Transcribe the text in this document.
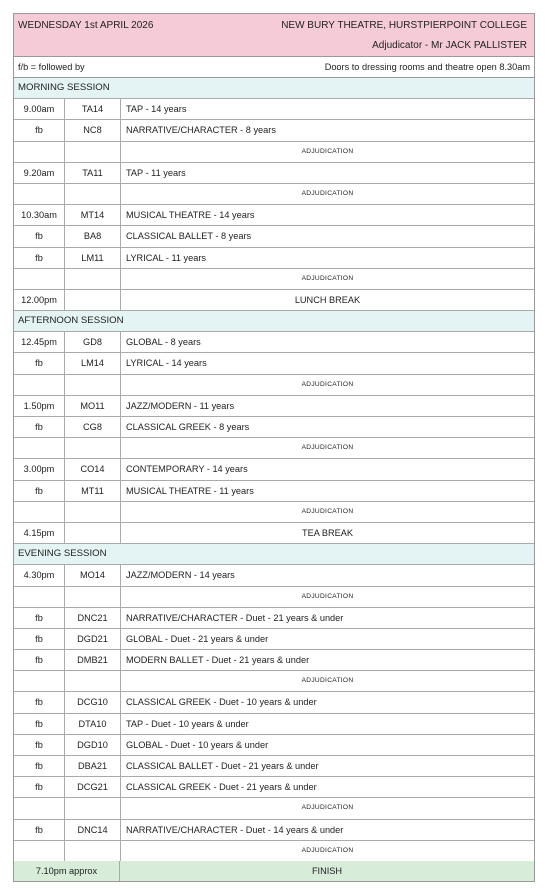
WEDNESDAY 1st APRIL 2026	NEW BURY THEATRE, HURSTPIERPOINT COLLEGE
Adjudicator - Mr JACK PALLISTER
f/b = followed by	Doors to dressing rooms and theatre open 8.30am
MORNING SESSION
9.00am	TA14	TAP - 14 years
fb	NC8	NARRATIVE/CHARACTER - 8 years
ADJUDICATION
9.20am	TA11	TAP - 11 years
ADJUDICATION
10.30am	MT14	MUSICAL THEATRE - 14 years
fb	BA8	CLASSICAL BALLET - 8 years
fb	LM11	LYRICAL - 11 years
ADJUDICATION
12.00pm	LUNCH BREAK
AFTERNOON SESSION
12.45pm	GD8	GLOBAL - 8 years
fb	LM14	LYRICAL - 14 years
ADJUDICATION
1.50pm	MO11	JAZZ/MODERN - 11 years
fb	CG8	CLASSICAL GREEK - 8 years
ADJUDICATION
3.00pm	CO14	CONTEMPORARY - 14 years
fb	MT11	MUSICAL THEATRE - 11 years
ADJUDICATION
4.15pm	TEA BREAK
EVENING SESSION
4.30pm	MO14	JAZZ/MODERN - 14 years
ADJUDICATION
fb	DNC21	NARRATIVE/CHARACTER - Duet - 21 years & under
fb	DGD21	GLOBAL - Duet - 21 years & under
fb	DMB21	MODERN BALLET - Duet - 21 years & under
ADJUDICATION
fb	DCG10	CLASSICAL GREEK - Duet - 10 years & under
fb	DTA10	TAP - Duet - 10 years & under
fb	DGD10	GLOBAL - Duet - 10 years & under
fb	DBA21	CLASSICAL BALLET - Duet - 21 years & under
fb	DCG21	CLASSICAL GREEK - Duet - 21 years & under
ADJUDICATION
fb	DNC14	NARRATIVE/CHARACTER - Duet - 14 years & under
ADJUDICATION
7.10pm approx	FINISH
